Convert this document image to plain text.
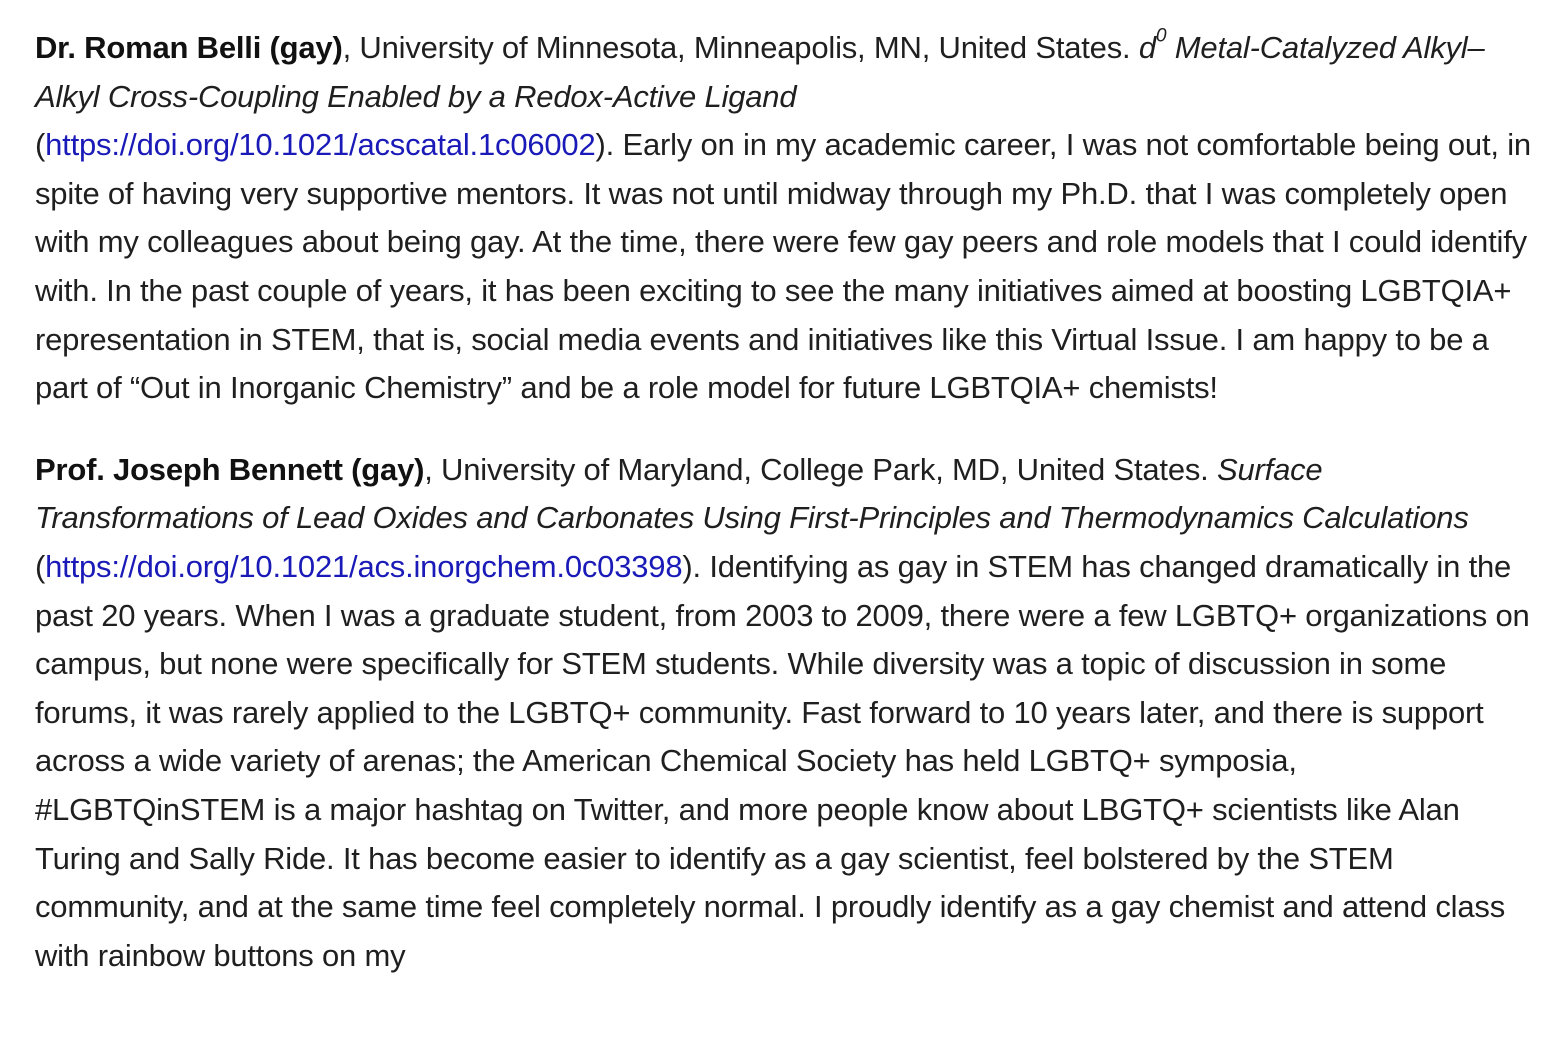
Dr. Roman Belli (gay), University of Minnesota, Minneapolis, MN, United States. $d^0$ Metal-Catalyzed Alkyl–Alkyl Cross-Coupling Enabled by a Redox-Active Ligand
(https://doi.org/10.1021/acscatal.1c06002). Early on in my academic career, I was not comfortable being out, in spite of having very supportive mentors. It was not until midway through my Ph.D. that I was completely open with my colleagues about being gay. At the time, there were few gay peers and role models that I could identify with. In the past couple of years, it has been exciting to see the many initiatives aimed at boosting LGBTQIA+ representation in STEM, that is, social media events and initiatives like this Virtual Issue. I am happy to be a part of “Out in Inorganic Chemistry” and be a role model for future LGBTQIA+ chemists!

Prof. Joseph Bennett (gay), University of Maryland, College Park, MD, United States. Surface Transformations of Lead Oxides and Carbonates Using First-Principles and Thermodynamics Calculations (https://doi.org/10.1021/acs.inorgchem.0c03398). Identifying as gay in STEM has changed dramatically in the past 20 years. When I was a graduate student, from 2003 to 2009, there were a few LGBTQ+ organizations on campus, but none were specifically for STEM students. While diversity was a topic of discussion in some forums, it was rarely applied to the LGBTQ+ community. Fast forward to 10 years later, and there is support across a wide variety of arenas; the American Chemical Society has held LGBTQ+ symposia, #LGBTQinSTEM is a major hashtag on Twitter, and more people know about LBGTQ+ scientists like Alan Turing and Sally Ride. It has become easier to identify as a gay scientist, feel bolstered by the STEM community, and at the same time feel completely normal. I proudly identify as a gay chemist and attend class with rainbow buttons on my
